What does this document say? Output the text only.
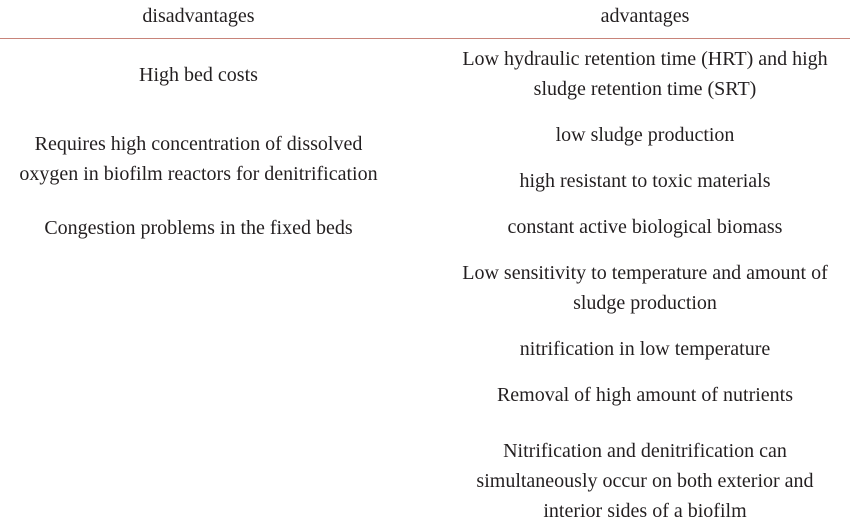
disadvantages	advantages
High bed costs
Requires high concentration of dissolved
oxygen in biofilm reactors for denitrification
Congestion problems in the fixed beds
Low hydraulic retention time (HRT) and high
sludge retention time (SRT)
low sludge production
high resistant to toxic materials
constant active biological biomass
Low sensitivity to temperature and amount of
sludge production
nitrification in low temperature
Removal of high amount of nutrients
Nitrification and denitrification can
simultaneously occur on both exterior and
interior sides of a biofilm
